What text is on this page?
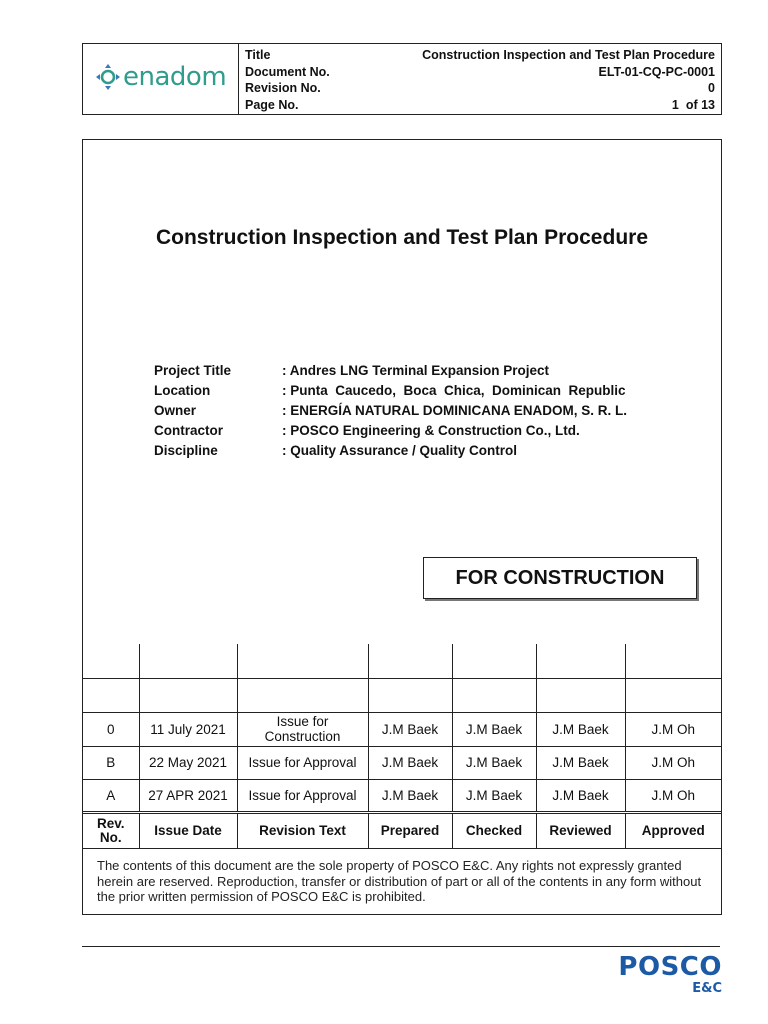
enadom
Title	Construction Inspection and Test Plan Procedure
Document No.	ELT-01-CQ-PC-0001
Revision No.	0
Page No.	1  of 13
Construction Inspection and Test Plan Procedure
Project Title	: Andres LNG Terminal Expansion Project
Location	: Punta  Caucedo,  Boca  Chica,  Dominican  Republic
Owner	: ENERGÍA NATURAL DOMINICANA ENADOM, S. R. L.
Contractor	: POSCO Engineering & Construction Co., Ltd.
Discipline	: Quality Assurance / Quality Control
FOR CONSTRUCTION

0	11 July 2021	Issue for Construction	J.M Baek	J.M Baek	J.M Baek	J.M Oh
B	22 May 2021	Issue for Approval	J.M Baek	J.M Baek	J.M Baek	J.M Oh
A	27 APR 2021	Issue for Approval	J.M Baek	J.M Baek	J.M Baek	J.M Oh
Rev. No.	Issue Date	Revision Text	Prepared	Checked	Reviewed	Approved
The contents of this document are the sole property of POSCO E&C. Any rights not expressly granted herein are reserved. Reproduction, transfer or distribution of part or all of the contents in any form without the prior written permission of POSCO E&C is prohibited.
POSCO
E&C
